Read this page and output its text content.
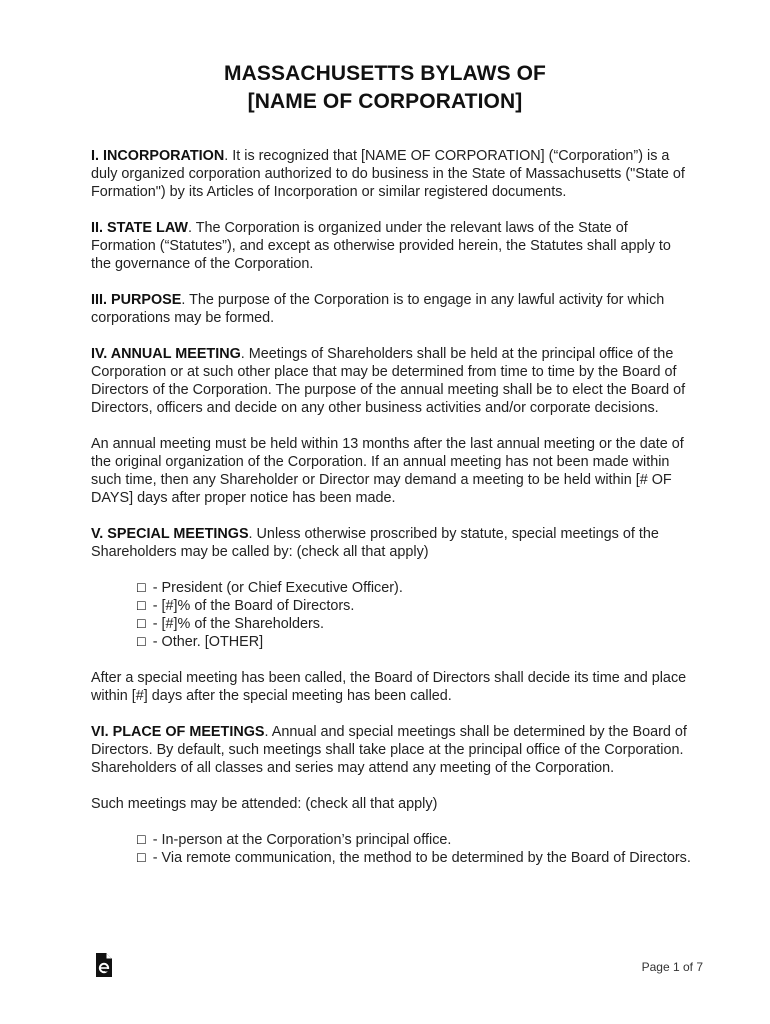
MASSACHUSETTS BYLAWS OF
[NAME OF CORPORATION]

I. INCORPORATION. It is recognized that [NAME OF CORPORATION] (“Corporation”) is a duly organized corporation authorized to do business in the State of Massachusetts ("State of Formation") by its Articles of Incorporation or similar registered documents.

II. STATE LAW. The Corporation is organized under the relevant laws of the State of Formation (“Statutes”), and except as otherwise provided herein, the Statutes shall apply to the governance of the Corporation.

III. PURPOSE. The purpose of the Corporation is to engage in any lawful activity for which corporations may be formed.

IV. ANNUAL MEETING. Meetings of Shareholders shall be held at the principal office of the Corporation or at such other place that may be determined from time to time by the Board of Directors of the Corporation. The purpose of the annual meeting shall be to elect the Board of Directors, officers and decide on any other business activities and/or corporate decisions.

An annual meeting must be held within 13 months after the last annual meeting or the date of the original organization of the Corporation. If an annual meeting has not been made within such time, then any Shareholder or Director may demand a meeting to be held within [# OF DAYS] days after proper notice has been made.

V. SPECIAL MEETINGS. Unless otherwise proscribed by statute, special meetings of the Shareholders may be called by: (check all that apply)

☐ - President (or Chief Executive Officer).
☐ - [#]% of the Board of Directors.
☐ - [#]% of the Shareholders.
☐ - Other. [OTHER]

After a special meeting has been called, the Board of Directors shall decide its time and place within [#] days after the special meeting has been called.

VI. PLACE OF MEETINGS. Annual and special meetings shall be determined by the Board of Directors. By default, such meetings shall take place at the principal office of the Corporation. Shareholders of all classes and series may attend any meeting of the Corporation.

Such meetings may be attended: (check all that apply)

☐ - In-person at the Corporation’s principal office.
☐ - Via remote communication, the method to be determined by the Board of Directors.
Page 1 of 7
